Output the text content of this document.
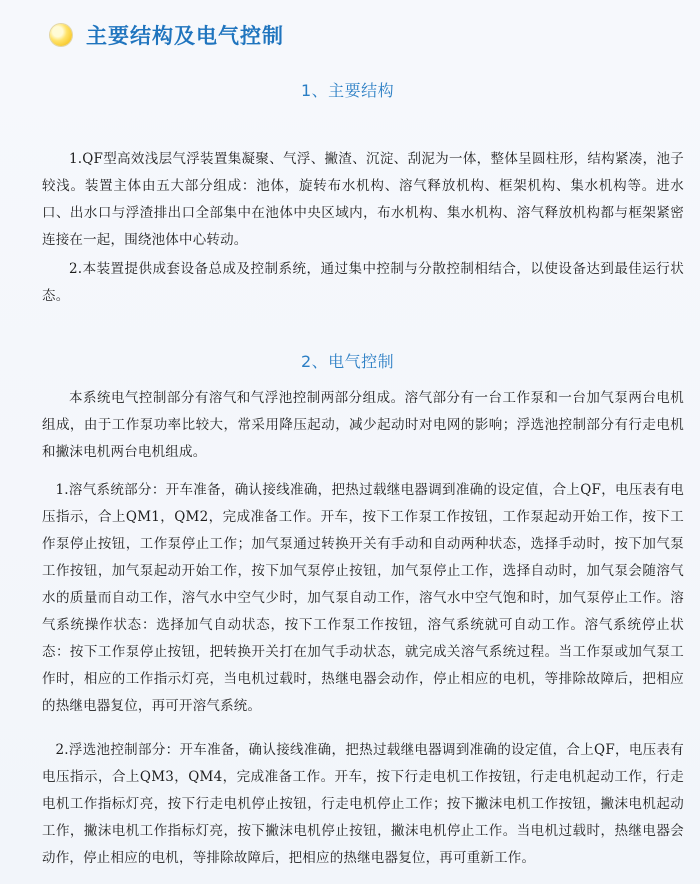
主要结构及电气控制
1、主要结构
1.QF型高效浅层气浮装置集凝聚、气浮、撇渣、沉淀、刮泥为一体，整体呈圆柱形，结构紧凑，池子较浅。装置主体由五大部分组成：池体，旋转布水机构、溶气释放机构、框架机构、集水机构等。进水口、出水口与浮渣排出口全部集中在池体中央区域内，布水机构、集水机构、溶气释放机构都与框架紧密连接在一起，围绕池体中心转动。
2.本装置提供成套设备总成及控制系统，通过集中控制与分散控制相结合，以使设备达到最佳运行状态。
2、电气控制
本系统电气控制部分有溶气和气浮池控制两部分组成。溶气部分有一台工作泵和一台加气泵两台电机组成，由于工作泵功率比较大，常采用降压起动，减少起动时对电网的影响；浮选池控制部分有行走电机和撇沫电机两台电机组成。
1.溶气系统部分：开车准备，确认接线准确，把热过载继电器调到准确的设定值，合上QF，电压表有电压指示，合上QM1，QM2，完成准备工作。开车，按下工作泵工作按钮，工作泵起动开始工作，按下工作泵停止按钮，工作泵停止工作；加气泵通过转换开关有手动和自动两种状态，选择手动时，按下加气泵工作按钮，加气泵起动开始工作，按下加气泵停止按钮，加气泵停止工作，选择自动时，加气泵会随溶气水的质量而自动工作，溶气水中空气少时，加气泵自动工作，溶气水中空气饱和时，加气泵停止工作。溶气系统操作状态：选择加气自动状态，按下工作泵工作按钮，溶气系统就可自动工作。溶气系统停止状态：按下工作泵停止按钮，把转换开关打在加气手动状态，就完成关溶气系统过程。当工作泵或加气泵工作时，相应的工作指示灯亮，当电机过载时，热继电器会动作，停止相应的电机，等排除故障后，把相应的热继电器复位，再可开溶气系统。
2.浮选池控制部分：开车准备，确认接线准确，把热过载继电器调到准确的设定值，合上QF，电压表有电压指示，合上QM3，QM4，完成准备工作。开车，按下行走电机工作按钮，行走电机起动工作，行走电机工作指标灯亮，按下行走电机停止按钮，行走电机停止工作；按下撇沫电机工作按钮，撇沫电机起动工作，撇沫电机工作指标灯亮，按下撇沫电机停止按钮，撇沫电机停止工作。当电机过载时，热继电器会动作，停止相应的电机，等排除故障后，把相应的热继电器复位，再可重新工作。
